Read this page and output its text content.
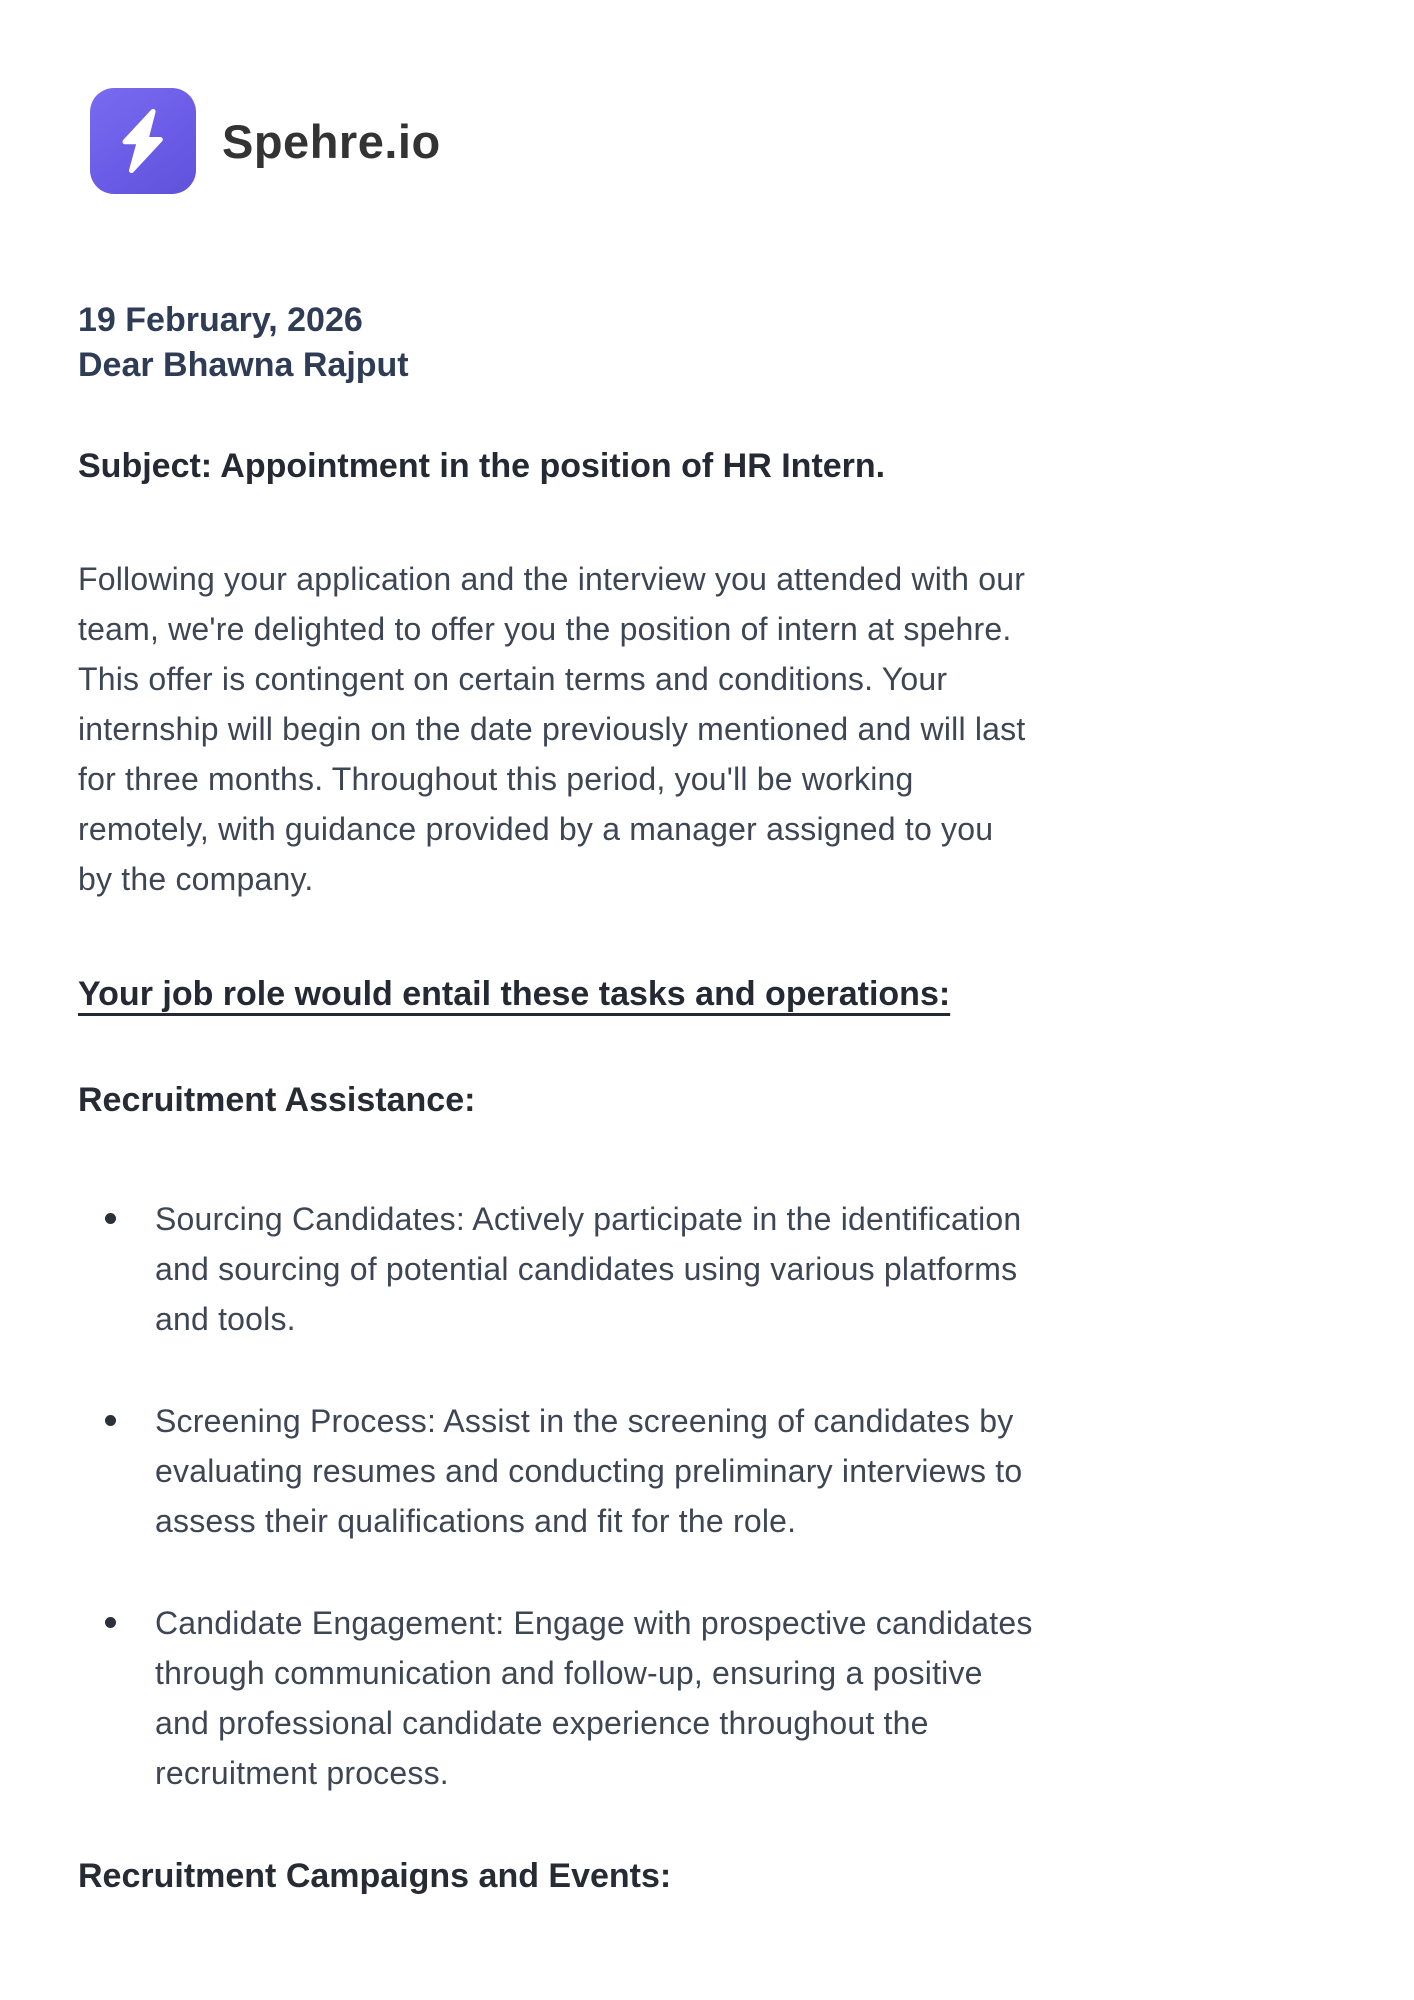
Spehre.io

19 February, 2026

Dear Bhawna Rajput

Subject: Appointment in the position of HR Intern.

Following your application and the interview you attended with our team, we're delighted to offer you the position of intern at spehre. This offer is contingent on certain terms and conditions. Your internship will begin on the date previously mentioned and will last for three months. Throughout this period, you'll be working remotely, with guidance provided by a manager assigned to you by the company.

Your job role would entail these tasks and operations:
Recruitment Assistance:
Sourcing Candidates: Actively participate in the identification and sourcing of potential candidates using various platforms and tools.
Screening Process: Assist in the screening of candidates by evaluating resumes and conducting preliminary interviews to assess their qualifications and fit for the role.
Candidate Engagement: Engage with prospective candidates through communication and follow-up, ensuring a positive and professional candidate experience throughout the recruitment process.
Recruitment Campaigns and Events:
